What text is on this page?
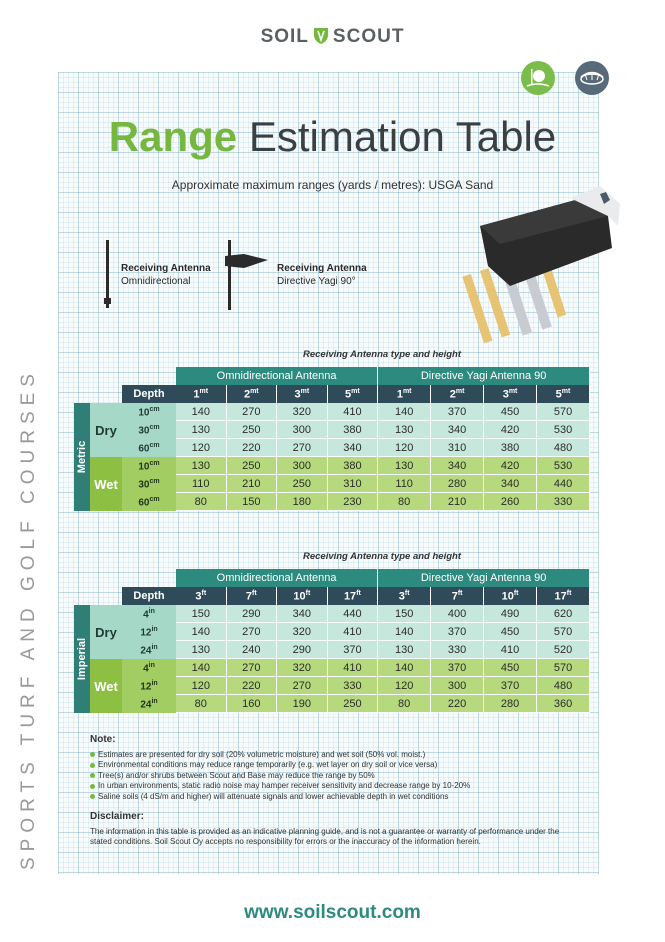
SOIL SCOUT
SPORTS TURF AND GOLF COURSES
Range Estimation Table
Approximate maximum ranges (yards / metres): USGA Sand
Receiving Antenna
Omnidirectional
Receiving Antenna
Directive Yagi 90°
Receiving Antenna type and height
			Omnidirectional Antenna				Directive Yagi Antenna 90			
		Depth	$1^{mt}$	$2^{mt}$	$3^{mt}$	$5^{mt}$	$1^{mt}$	$2^{mt}$	$3^{mt}$	$5^{mt}$

Metric	Dry	$10^{cm}$	140	270	320	410	140	370	450	570
		$30^{cm}$	130	250	300	380	130	340	420	530
		$60^{cm}$	120	220	270	340	120	310	380	480
	Wet	$10^{cm}$	130	250	300	380	130	340	420	530
		$30^{cm}$	110	210	250	310	110	280	340	440
		$60^{cm}$	80	150	180	230	80	210	260	330
Receiving Antenna type and height
			Omnidirectional Antenna				Directive Yagi Antenna 90			
		Depth	$3^{ft}$	$7^{ft}$	$10^{ft}$	$17^{ft}$	$3^{ft}$	$7^{ft}$	$10^{ft}$	$17^{ft}$

Imperial	Dry	$4^{in}$	150	290	340	440	150	400	490	620
		$12^{in}$	140	270	320	410	140	370	450	570
		$24^{in}$	130	240	290	370	130	330	410	520
	Wet	$4^{in}$	140	270	320	410	140	370	450	570
		$12^{in}$	120	220	270	330	120	300	370	480
		$24^{in}$	80	160	190	250	80	220	280	360
Note:
Estimates are presented for dry soil (20% volumetric moisture) and wet soil (50% vol. moist.)
Environmental conditions may reduce range temporarily (e.g. wet layer on dry soil or vice versa)
Tree(s) and/or shrubs between Scout and Base may reduce the range by 50%
In urban environments, static radio noise may hamper receiver sensitivity and decrease range by 10-20%
Saline soils (4 dS/m and higher) will attenuate signals and lower achievable depth in wet conditions
Disclaimer:

The information in this table is provided as an indicative planning guide, and is not a guarantee or warranty of performance under the stated conditions. Soil Scout Oy accepts no responsibility for errors or the inaccuracy of the information herein.

www.soilscout.com
